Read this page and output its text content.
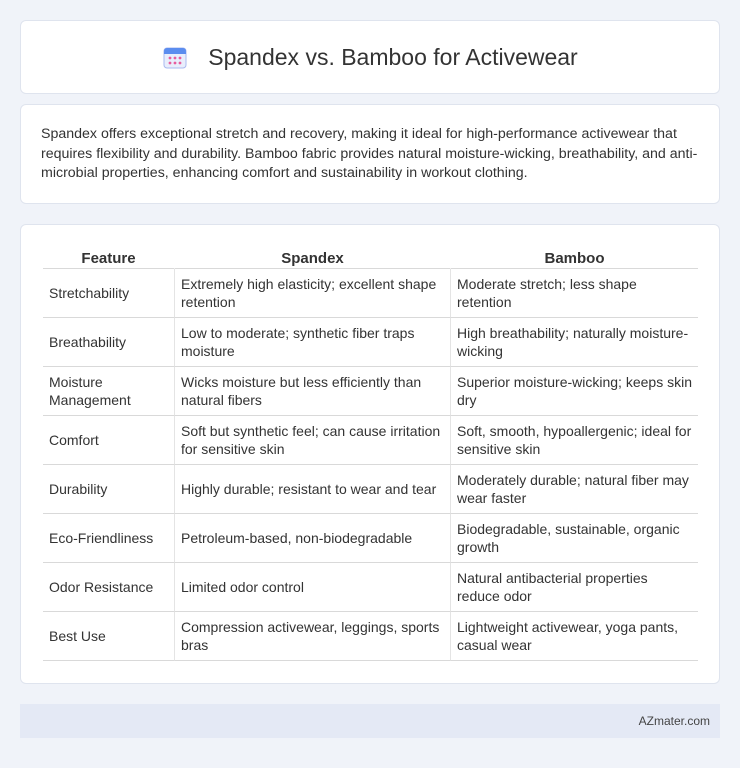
Spandex vs. Bamboo for Activewear

Spandex offers exceptional stretch and recovery, making it ideal for high-performance activewear that requires flexibility and durability. Bamboo fabric provides natural moisture-wicking, breathability, and anti-microbial properties, enhancing comfort and sustainability in workout clothing.

Feature	Spandex	Bamboo
Stretchability	Extremely high elasticity; excellent shape retention	Moderate stretch; less shape retention
Breathability	Low to moderate; synthetic fiber traps moisture	High breathability; naturally moisture-wicking
Moisture Management	Wicks moisture but less efficiently than natural fibers	Superior moisture-wicking; keeps skin dry
Comfort	Soft but synthetic feel; can cause irritation for sensitive skin	Soft, smooth, hypoallergenic; ideal for sensitive skin
Durability	Highly durable; resistant to wear and tear	Moderately durable; natural fiber may wear faster
Eco-Friendliness	Petroleum-based, non-biodegradable	Biodegradable, sustainable, organic growth
Odor Resistance	Limited odor control	Natural antibacterial properties reduce odor
Best Use	Compression activewear, leggings, sports bras	Lightweight activewear, yoga pants, casual wear
AZmater.com
